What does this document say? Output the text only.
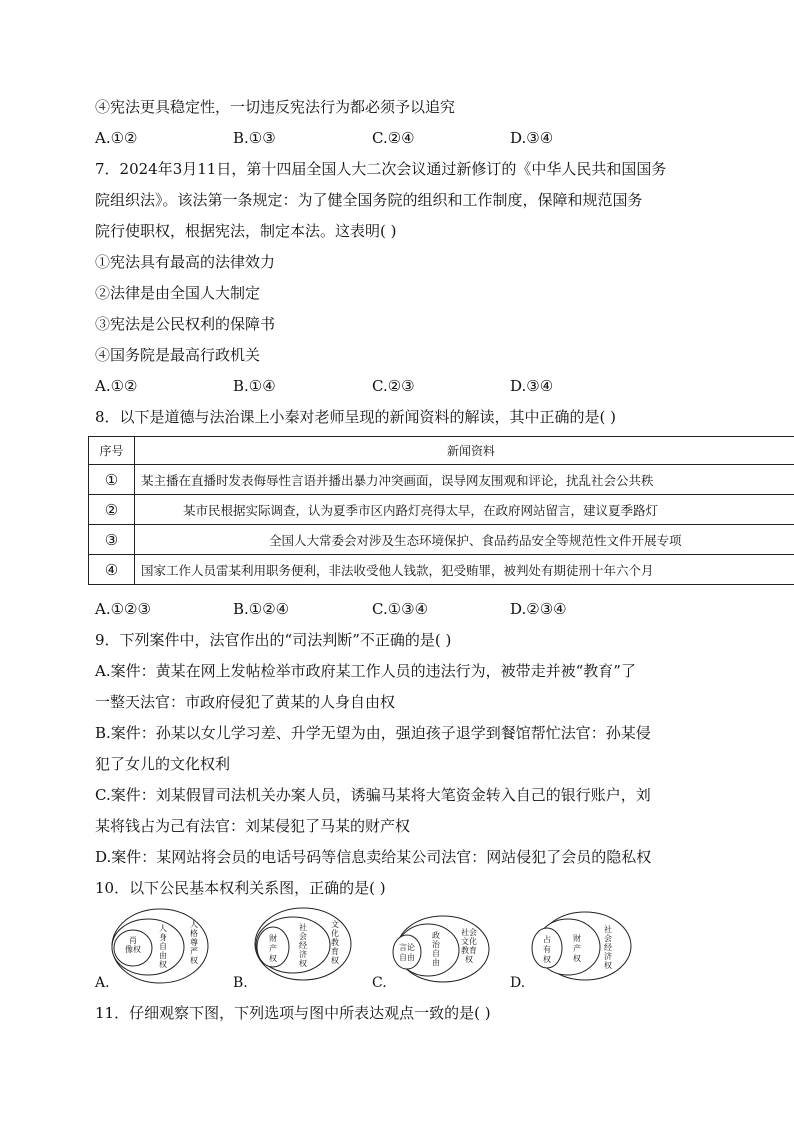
④宪法更具稳定性，一切违反宪法行为都必须予以追究
A.①②	B.①③	C.②④	D.③④
7．2024年3月11日，第十四届全国人大二次会议通过新修订的《中华人民共和国国务
院组织法》。该法第一条规定：为了健全国务院的组织和工作制度，保障和规范国务
院行使职权，根据宪法，制定本法。这表明( )
①宪法具有最高的法律效力
②法律是由全国人大制定
③宪法是公民权利的保障书
④国务院是最高行政机关
A.①②	B.①④	C.②③	D.③④
8．以下是道德与法治课上小秦对老师呈现的新闻资料的解读，其中正确的是( )
序号	新闻资料
①	某主播在直播时发表侮辱性言语并播出暴力冲突画面，误导网友围观和评论，扰乱社会公共秩
②	某市民根据实际调查，认为夏季市区内路灯亮得太早，在政府网站留言，建议夏季路灯
③	全国人大常委会对涉及生态环境保护、食品药品安全等规范性文件开展专项
④	国家工作人员雷某利用职务便利，非法收受他人钱款，犯受贿罪，被判处有期徒刑十年六个月
A.①②③	B.①②④	C.①③④	D.②③④
9．下列案件中，法官作出的“司法判断”不正确的是( )
A.案件：黄某在网上发帖检举市政府某工作人员的违法行为，被带走并被“教育”了
一整天法官：市政府侵犯了黄某的人身自由权
B.案件：孙某以女儿学习差、升学无望为由，强迫孩子退学到餐馆帮忙法官：孙某侵
犯了女儿的文化权利
C.案件：刘某假冒司法机关办案人员，诱骗马某将大笔资金转入自己的银行账户，刘
某将钱占为己有法官：刘某侵犯了马某的财产权
D.案件：某网站将会员的电话号码等信息卖给某公司法官：网站侵犯了会员的隐私权
10．以下公民基本权利关系图，正确的是( )
肖
像权
人
身
自
由
权
人
格
尊
严
权
财
产
权
社
会
经
济
权
文
化
教
育
权
言论
自由
政
治
自
由
社会
文化
教育
权
占
有
权
财
产
权
社
会
经
济
权
A.	B.	C.	D.
11．仔细观察下图，下列选项与图中所表达观点一致的是( )
